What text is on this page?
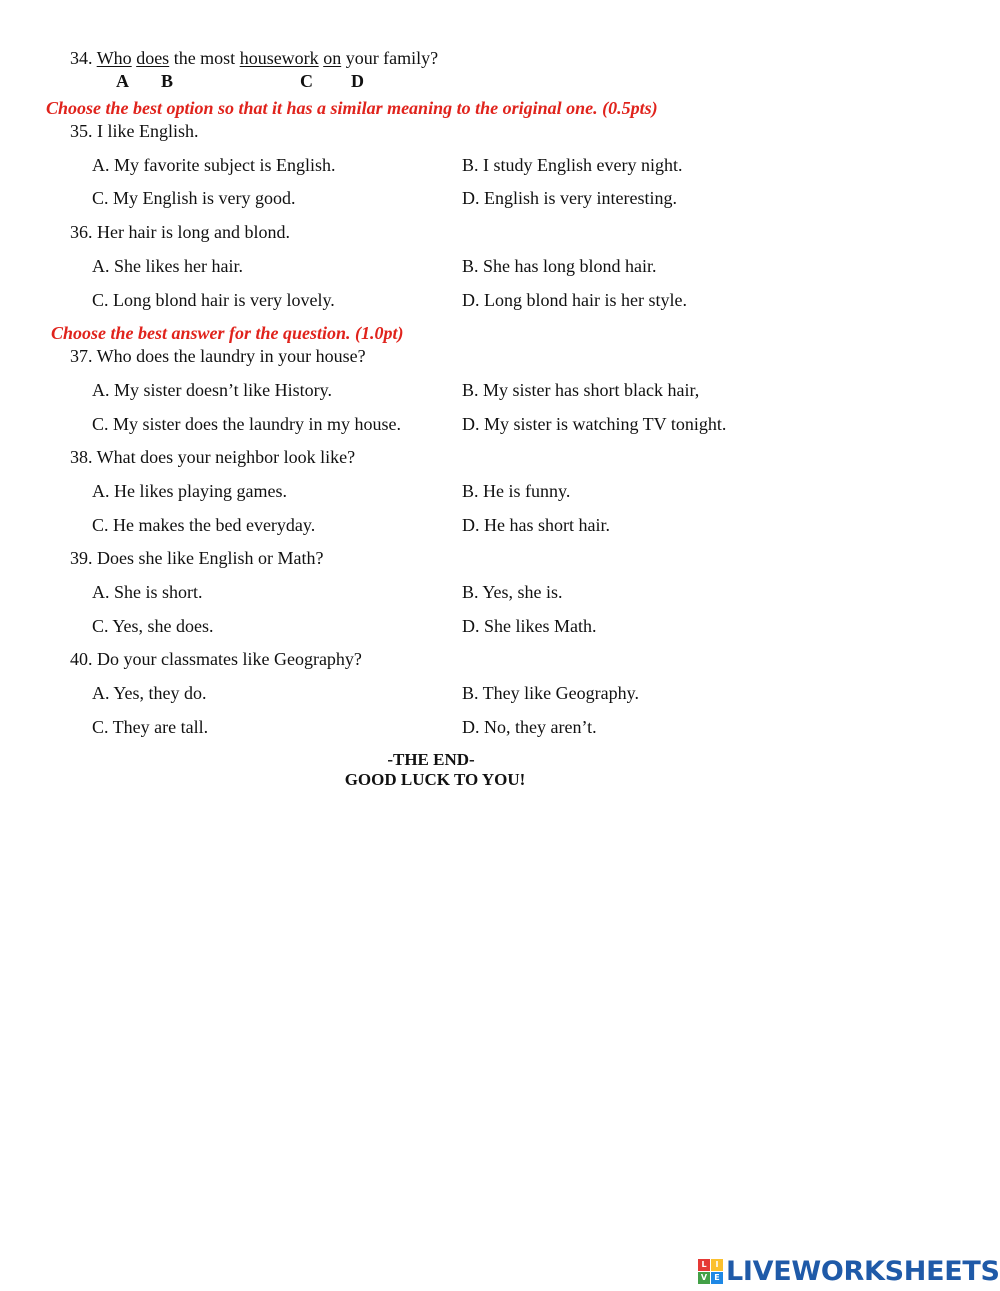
34. Who does the most housework on your family?
A B	C D
Choose the best option so that it has a similar meaning to the original one. (0.5pts)
35. I like English.
A. My favorite subject is English.	B. I study English every night.
C. My English is very good.	D. English is very interesting.
36. Her hair is long and blond.
A. She likes her hair.	B. She has long blond hair.
C. Long blond hair is very lovely.	D. Long blond hair is her style.
Choose the best answer for the question. (1.0pt)
37. Who does the laundry in your house?
A. My sister doesn’t like History.	B. My sister has short black hair,
C. My sister does the laundry in my house.	D. My sister is watching TV tonight.
38. What does your neighbor look like?
A. He likes playing games.	B. He is funny.
C. He makes the bed everyday.	D. He has short hair.
39. Does she like English or Math?
A. She is short.	B. Yes, she is.
C. Yes, she does.	D. She likes Math.
40. Do your classmates like Geography?
A. Yes, they do.	B. They like Geography.
C. They are tall.	D. No, they aren’t.
-THE END-
GOOD LUCK TO YOU!
L	I
V E LIVEWORKSHEETS
